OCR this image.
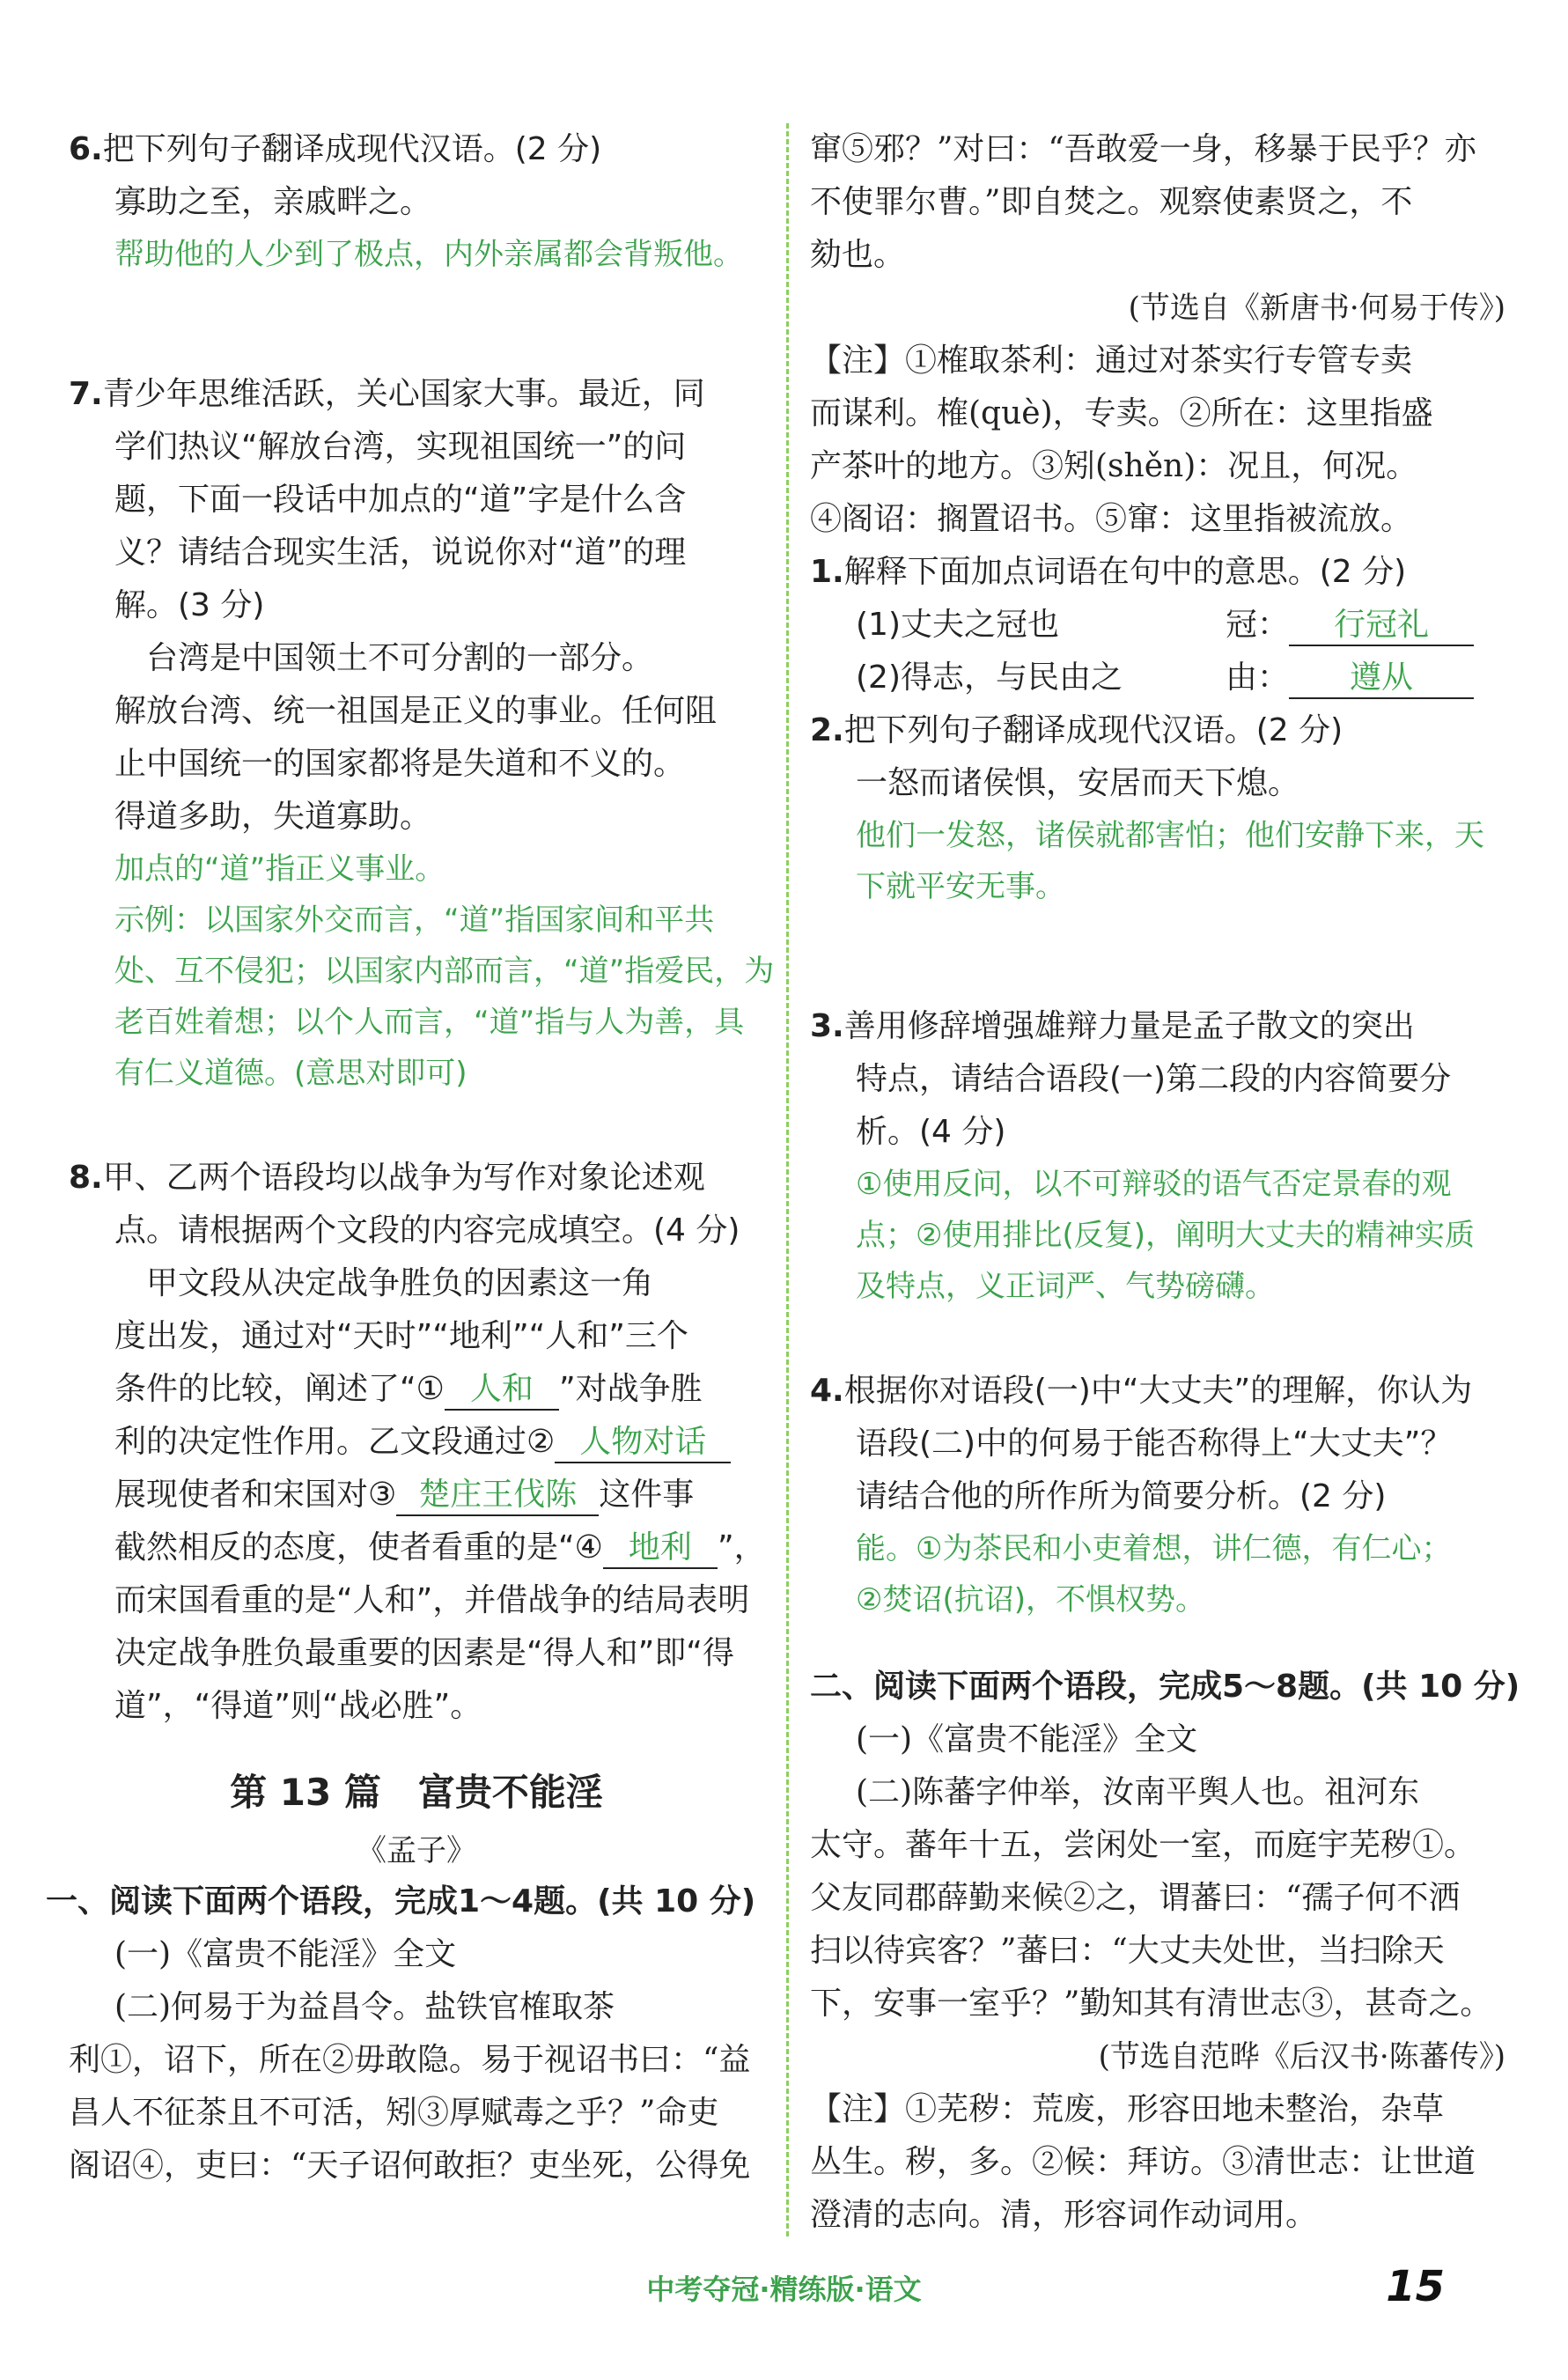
6.把下列句子翻译成现代汉语。(2 分)
寡助之至，亲戚畔之。
帮助他的人少到了极点，内外亲属都会背叛他。
7.青少年思维活跃，关心国家大事。最近，同
学们热议“解放台湾，实现祖国统一”的问
题，下面一段话中加点的“道”字是什么含
义？请结合现实生活，说说你对“道”的理
解。(3 分)
台湾是中国领土不可分割的一部分。
解放台湾、统一祖国是正义的事业。任何阻
止中国统一的国家都将是失道和不义的。
得道多助，失道寡助。
加点的“道”指正义事业。
示例：以国家外交而言，“道”指国家间和平共
处、互不侵犯；以国家内部而言，“道”指爱民，为
老百姓着想；以个人而言，“道”指与人为善，具
有仁义道德。(意思对即可)
8.甲、乙两个语段均以战争为写作对象论述观
点。请根据两个文段的内容完成填空。(4 分)
甲文段从决定战争胜负的因素这一角
度出发，通过对“天时”“地利”“人和”三个
条件的比较，阐述了“① 人和 ”对战争胜
利的决定性作用。乙文段通过② 人物对话
展现使者和宋国对③ 楚庄王伐陈 这件事
截然相反的态度，使者看重的是“④ 地利 ”，
而宋国看重的是“人和”，并借战争的结局表明
决定战争胜负最重要的因素是“得人和”即“得
道”，“得道”则“战必胜”。
第 13 篇　富贵不能淫
《孟子》
一、阅读下面两个语段，完成1～4题。(共 10 分)
(一)《富贵不能淫》全文
(二)何易于为益昌令。盐铁官榷取茶
利①，诏下，所在②毋敢隐。易于视诏书曰：“益
昌人不征茶且不可活，矧③厚赋毒之乎？”命吏
阁诏④，吏曰：“天子诏何敢拒？吏坐死，公得免
窜⑤邪？”对曰：“吾敢爱一身，移暴于民乎？亦
不使罪尔曹。”即自焚之。观察使素贤之，不
劾也。
(节选自《新唐书·何易于传》)
【注】①榷取茶利：通过对茶实行专管专卖
而谋利。榷(què)，专卖。②所在：这里指盛
产茶叶的地方。③矧(shěn)：况且，何况。
④阁诏：搁置诏书。⑤窜：这里指被流放。
1.解释下面加点词语在句中的意思。(2 分)
(1)丈夫之冠也	冠： 行冠礼
(2)得志，与民由之	由： 遵从
2.把下列句子翻译成现代汉语。(2 分)
一怒而诸侯惧，安居而天下熄。
他们一发怒，诸侯就都害怕；他们安静下来，天
下就平安无事。
3.善用修辞增强雄辩力量是孟子散文的突出
特点，请结合语段(一)第二段的内容简要分
析。(4 分)
①使用反问，以不可辩驳的语气否定景春的观
点；②使用排比(反复)，阐明大丈夫的精神实质
及特点，义正词严、气势磅礴。
4.根据你对语段(一)中“大丈夫”的理解，你认为
语段(二)中的何易于能否称得上“大丈夫”？
请结合他的所作所为简要分析。(2 分)
能。①为茶民和小吏着想，讲仁德，有仁心；
②焚诏(抗诏)，不惧权势。
二、阅读下面两个语段，完成5～8题。(共 10 分)
(一)《富贵不能淫》全文
(二)陈蕃字仲举，汝南平舆人也。祖河东
太守。蕃年十五，尝闲处一室，而庭宇芜秽①。
父友同郡薛勤来候②之，谓蕃曰：“孺子何不洒
扫以待宾客？”蕃曰：“大丈夫处世，当扫除天
下，安事一室乎？”勤知其有清世志③，甚奇之。
(节选自范晔《后汉书·陈蕃传》)
【注】①芜秽：荒废，形容田地未整治，杂草
丛生。秽，多。②候：拜访。③清世志：让世道
澄清的志向。清，形容词作动词用。
中考夺冠·精练版·语文	15
